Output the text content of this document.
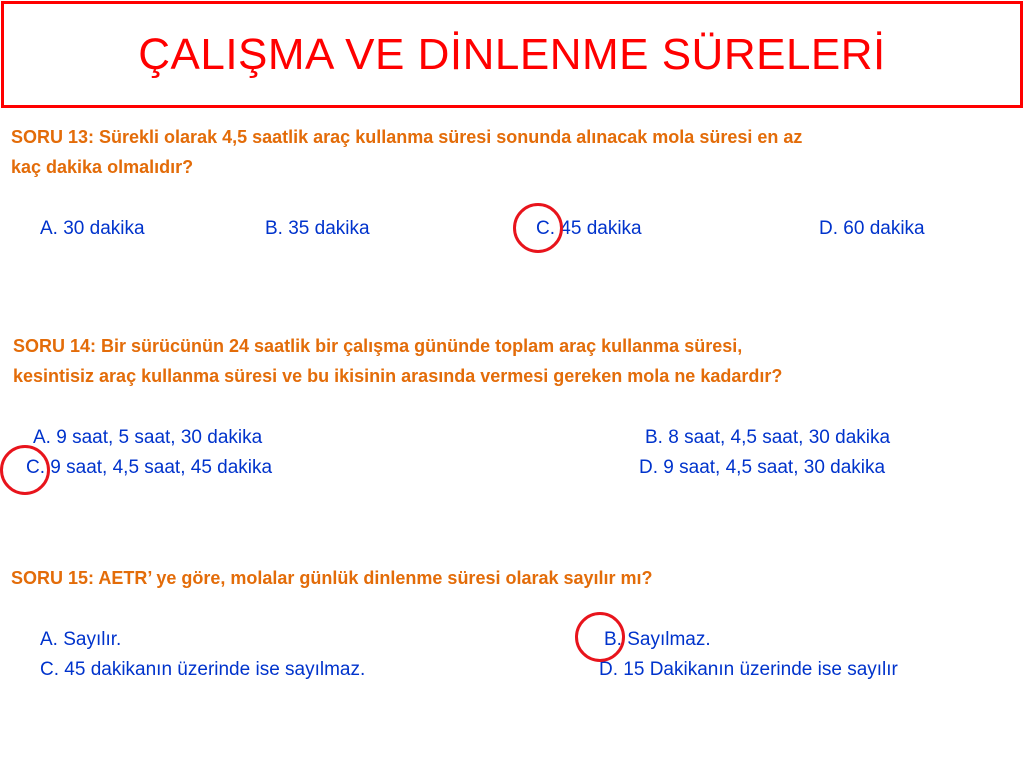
ÇALIŞMA VE DİNLENME SÜRELERİ
SORU 13: Sürekli olarak 4,5 saatlik araç kullanma süresi sonunda alınacak mola süresi en az
kaç dakika olmalıdır?
A. 30 dakika	B. 35 dakika	C. 45 dakika	D. 60 dakika
SORU 14: Bir sürücünün 24 saatlik bir çalışma gününde toplam araç kullanma süresi,
kesintisiz araç kullanma süresi ve bu ikisinin arasında vermesi gereken mola ne kadardır?
A. 9 saat, 5 saat, 30 dakika	B. 8 saat, 4,5 saat, 30 dakika
C. 9 saat, 4,5 saat, 45 dakika	D. 9 saat, 4,5 saat, 30 dakika
SORU 15: AETR’ ye göre, molalar günlük dinlenme süresi olarak sayılır mı?
A. Sayılır.	B. Sayılmaz.
C. 45 dakikanın üzerinde ise sayılmaz.	D. 15 Dakikanın üzerinde ise sayılır
